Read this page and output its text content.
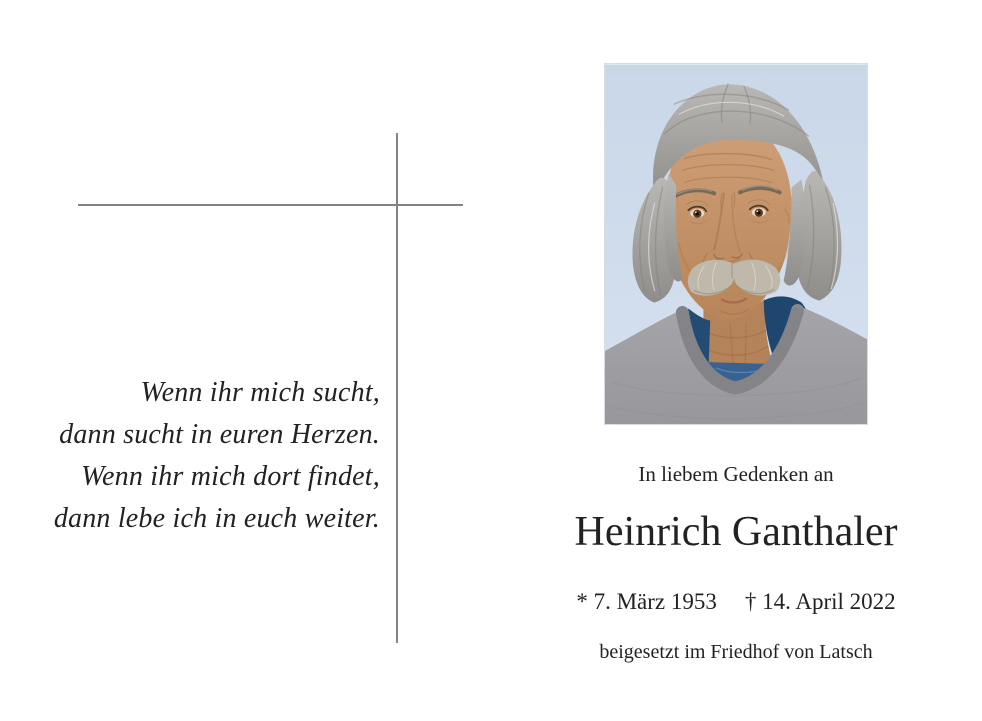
Wenn ihr mich sucht,
dann sucht in euren Herzen.
Wenn ihr mich dort findet,
dann lebe ich in euch weiter.
In liebem Gedenken an
Heinrich Ganthaler
* 7. März 1953 † 14. April 2022
beigesetzt im Friedhof von Latsch
